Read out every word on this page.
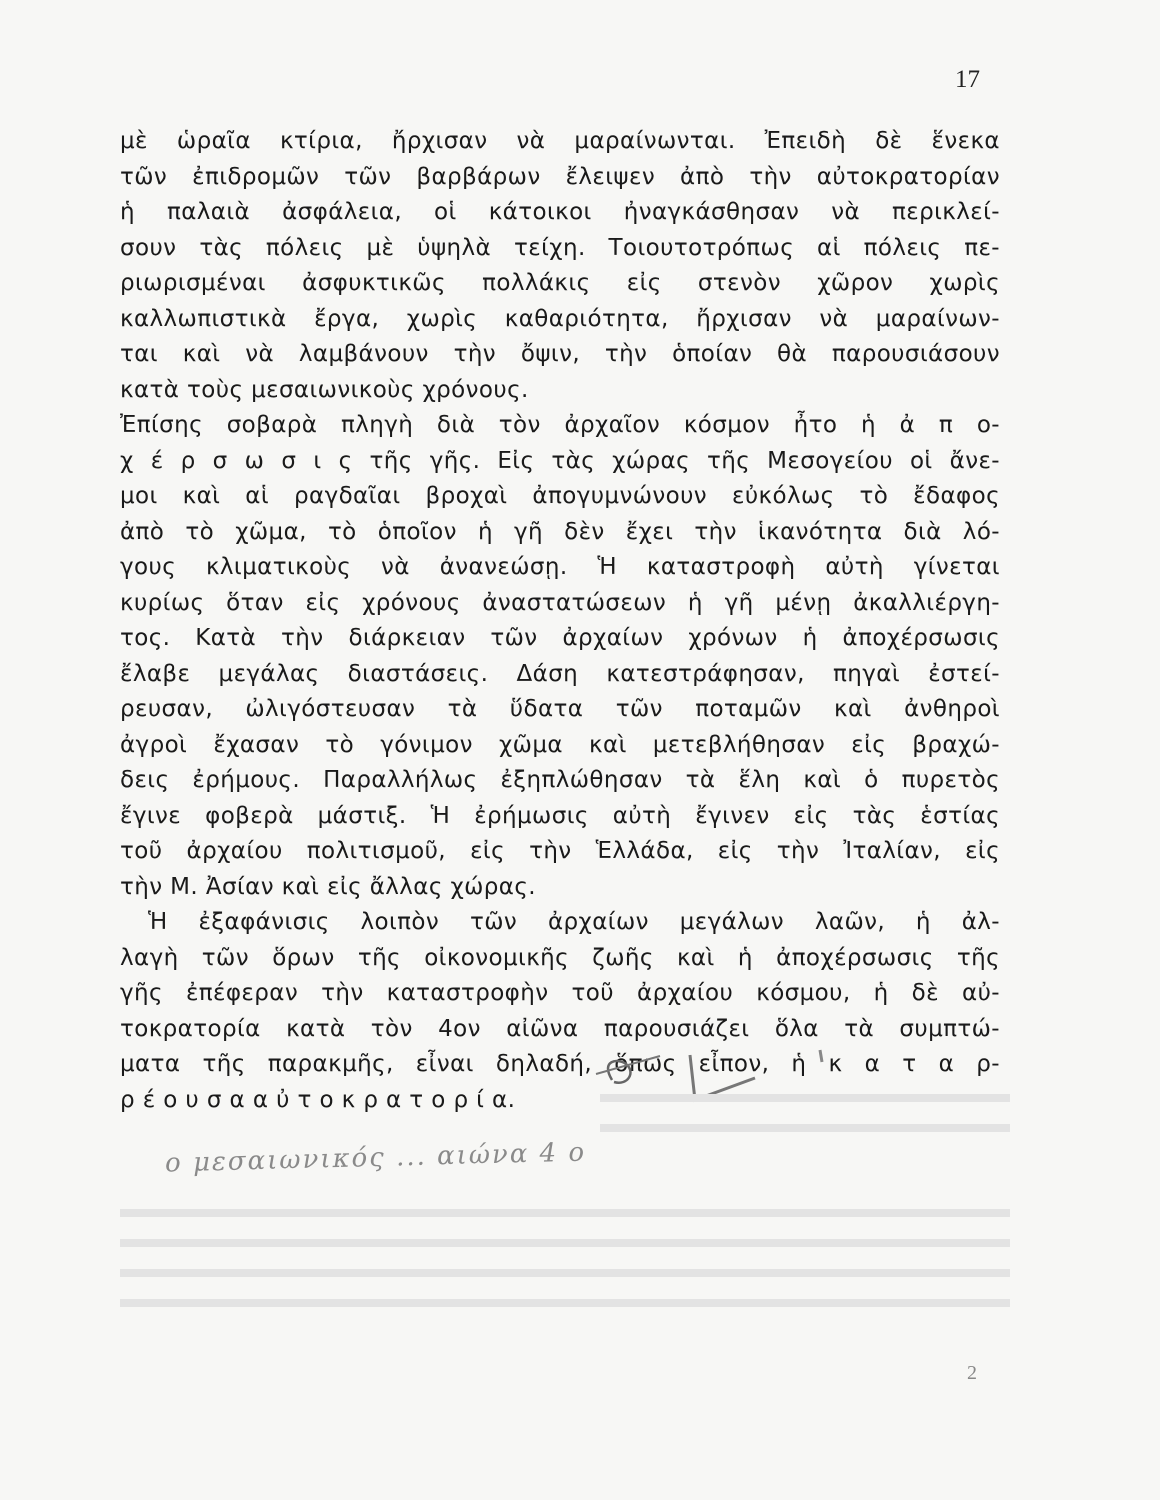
17
μὲ ὡραῖα κτίρια, ἤρχισαν νὰ μαραίνωνται. Ἐπειδὴ δὲ ἕνεκα
τῶν ἐπιδρομῶν τῶν βαρβάρων ἔλειψεν ἀπὸ τὴν αὐτοκρατορίαν
ἡ παλαιὰ ἀσφάλεια, οἱ κάτοικοι ἠναγκάσθησαν νὰ περικλεί-
σουν τὰς πόλεις μὲ ὑψηλὰ τείχη. Τοιουτοτρόπως αἱ πόλεις πε-
ριωρισμέναι ἀσφυκτικῶς πολλάκις εἰς στενὸν χῶρον χωρὶς
καλλωπιστικὰ ἔργα, χωρὶς καθαριότητα, ἤρχισαν νὰ μαραίνων-
ται καὶ νὰ λαμβάνουν τὴν ὄψιν, τὴν ὁποίαν θὰ παρουσιάσουν
κατὰ τοὺς μεσαιωνικοὺς χρόνους.
Ἐπίσης σοβαρὰ πληγὴ διὰ τὸν ἀρχαῖον κόσμον ἦτο ἡ ἀ π ο-
χ έ ρ σ ω σ ι ς τῆς γῆς. Εἰς τὰς χώρας τῆς Μεσογείου οἱ ἄνε-
μοι καὶ αἱ ραγδαῖαι βροχαὶ ἀπογυμνώνουν εὐκόλως τὸ ἔδαφος
ἀπὸ τὸ χῶμα, τὸ ὁποῖον ἡ γῆ δὲν ἔχει τὴν ἱκανότητα διὰ λό-
γους κλιματικοὺς νὰ ἀνανεώσῃ. Ἡ καταστροφὴ αὐτὴ γίνεται
κυρίως ὅταν εἰς χρόνους ἀναστατώσεων ἡ γῆ μένῃ ἀκαλλιέργη-
τος. Κατὰ τὴν διάρκειαν τῶν ἀρχαίων χρόνων ἡ ἀποχέρσωσις
ἔλαβε μεγάλας διαστάσεις. Δάση κατεστράφησαν, πηγαὶ ἐστεί-
ρευσαν, ὠλιγόστευσαν τὰ ὕδατα τῶν ποταμῶν καὶ ἀνθηροὶ
ἀγροὶ ἔχασαν τὸ γόνιμον χῶμα καὶ μετεβλήθησαν εἰς βραχώ-
δεις ἐρήμους. Παραλλήλως ἐξηπλώθησαν τὰ ἕλη καὶ ὁ πυρετὸς
ἔγινε φοβερὰ μάστιξ. Ἡ ἐρήμωσις αὐτὴ ἔγινεν εἰς τὰς ἑστίας
τοῦ ἀρχαίου πολιτισμοῦ, εἰς τὴν Ἑλλάδα, εἰς τὴν Ἰταλίαν, εἰς
τὴν Μ. Ἀσίαν καὶ εἰς ἄλλας χώρας.
Ἡ ἐξαφάνισις λοιπὸν τῶν ἀρχαίων μεγάλων λαῶν, ἡ ἀλ-
λαγὴ τῶν ὅρων τῆς οἰκονομικῆς ζωῆς καὶ ἡ ἀποχέρσωσις τῆς
γῆς ἐπέφεραν τὴν καταστροφὴν τοῦ ἀρχαίου κόσμου, ἡ δὲ αὐ-
τοκρατορία κατὰ τὸν 4ον αἰῶνα παρουσιάζει ὅλα τὰ συμπτώ-
ματα τῆς παρακμῆς, εἶναι δηλαδή, ὅπως εἶπον, ἡ κ α τ α ρ-
ρ έ ο υ σ α α ὐ τ ο κ ρ α τ ο ρ ί α.
ο μεσαιωνικός ... αιώνα 4 ο
2
